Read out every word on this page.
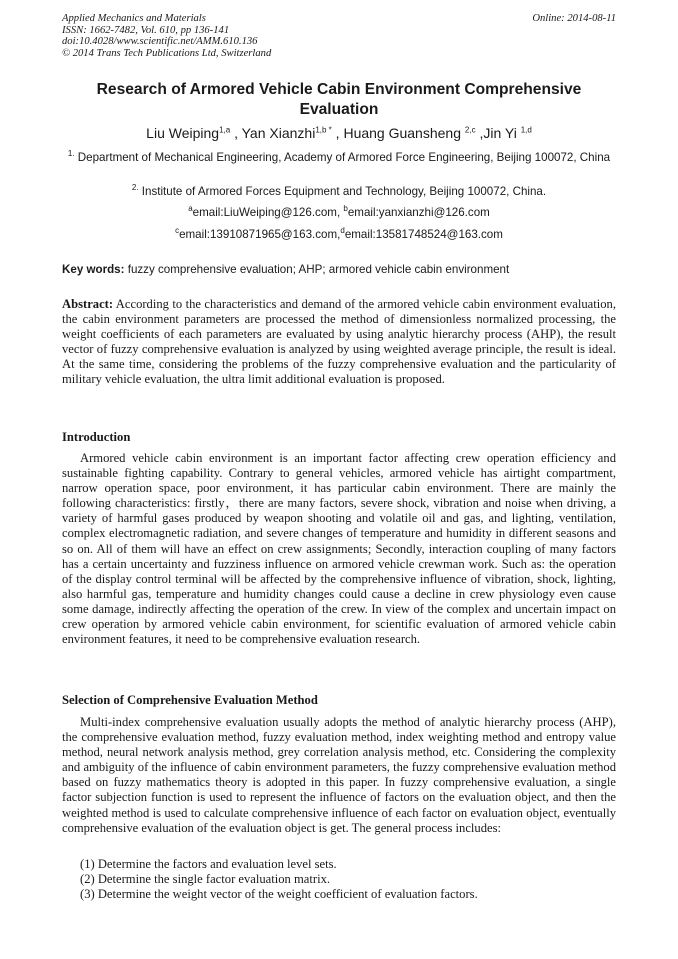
Applied Mechanics and Materials
ISSN: 1662-7482, Vol. 610, pp 136-141
doi:10.4028/www.scientific.net/AMM.610.136
© 2014 Trans Tech Publications Ltd, Switzerland
Online: 2014-08-11
Research of Armored Vehicle Cabin Environment Comprehensive Evaluation
Liu Weiping$^{1,a}$ , Yan Xianzhi$^{1,b *}$ , Huang Guansheng $^{2,c}$ ,Jin Yi $^{1,d}$
$^{1.}$ Department of Mechanical Engineering, Academy of Armored Force Engineering, Beijing 100072, China
$^{2.}$ Institute of Armored Forces Equipment and Technology, Beijing 100072, China.
$^a$email:LiuWeiping@126.com, $^b$email:yanxianzhi@126.com
$^c$email:13910871965@163.com,$^d$email:13581748524@163.com
Key words: fuzzy comprehensive evaluation; AHP; armored vehicle cabin environment
Abstract: According to the characteristics and demand of the armored vehicle cabin environment evaluation, the cabin environment parameters are processed the method of dimensionless normalized processing, the weight coefficients of each parameters are evaluated by using analytic hierarchy process (AHP), the result vector of fuzzy comprehensive evaluation is analyzed by using weighted average principle, the result is ideal. At the same time, considering the problems of the fuzzy comprehensive evaluation and the particularity of military vehicle evaluation, the ultra limit additional evaluation is proposed.
Introduction
Armored vehicle cabin environment is an important factor affecting crew operation efficiency and sustainable fighting capability. Contrary to general vehicles, armored vehicle has airtight compartment, narrow operation space, poor environment, it has particular cabin environment. There are mainly the following characteristics: firstly，there are many factors, severe shock, vibration and noise when driving, a variety of harmful gases produced by weapon shooting and volatile oil and gas, and lighting, ventilation, complex electromagnetic radiation, and severe changes of temperature and humidity in different seasons and so on. All of them will have an effect on crew assignments; Secondly, interaction coupling of many factors has a certain uncertainty and fuzziness influence on armored vehicle crewman work. Such as: the operation of the display control terminal will be affected by the comprehensive influence of vibration, shock, lighting, also harmful gas, temperature and humidity changes could cause a decline in crew physiology even cause some damage, indirectly affecting the operation of the crew. In view of the complex and uncertain impact on crew operation by armored vehicle cabin environment, for scientific evaluation of armored vehicle cabin environment features, it need to be comprehensive evaluation research.
Selection of Comprehensive Evaluation Method
Multi-index comprehensive evaluation usually adopts the method of analytic hierarchy process (AHP), the comprehensive evaluation method, fuzzy evaluation method, index weighting method and entropy value method, neural network analysis method, grey correlation analysis method, etc. Considering the complexity and ambiguity of the influence of cabin environment parameters, the fuzzy comprehensive evaluation method based on fuzzy mathematics theory is adopted in this paper. In fuzzy comprehensive evaluation, a single factor subjection function is used to represent the influence of factors on the evaluation object, and then the weighted method is used to calculate comprehensive influence of each factor on evaluation object, eventually comprehensive evaluation of the evaluation object is get. The general process includes:
(1) Determine the factors and evaluation level sets.
(2) Determine the single factor evaluation matrix.
(3) Determine the weight vector of the weight coefficient of evaluation factors.
